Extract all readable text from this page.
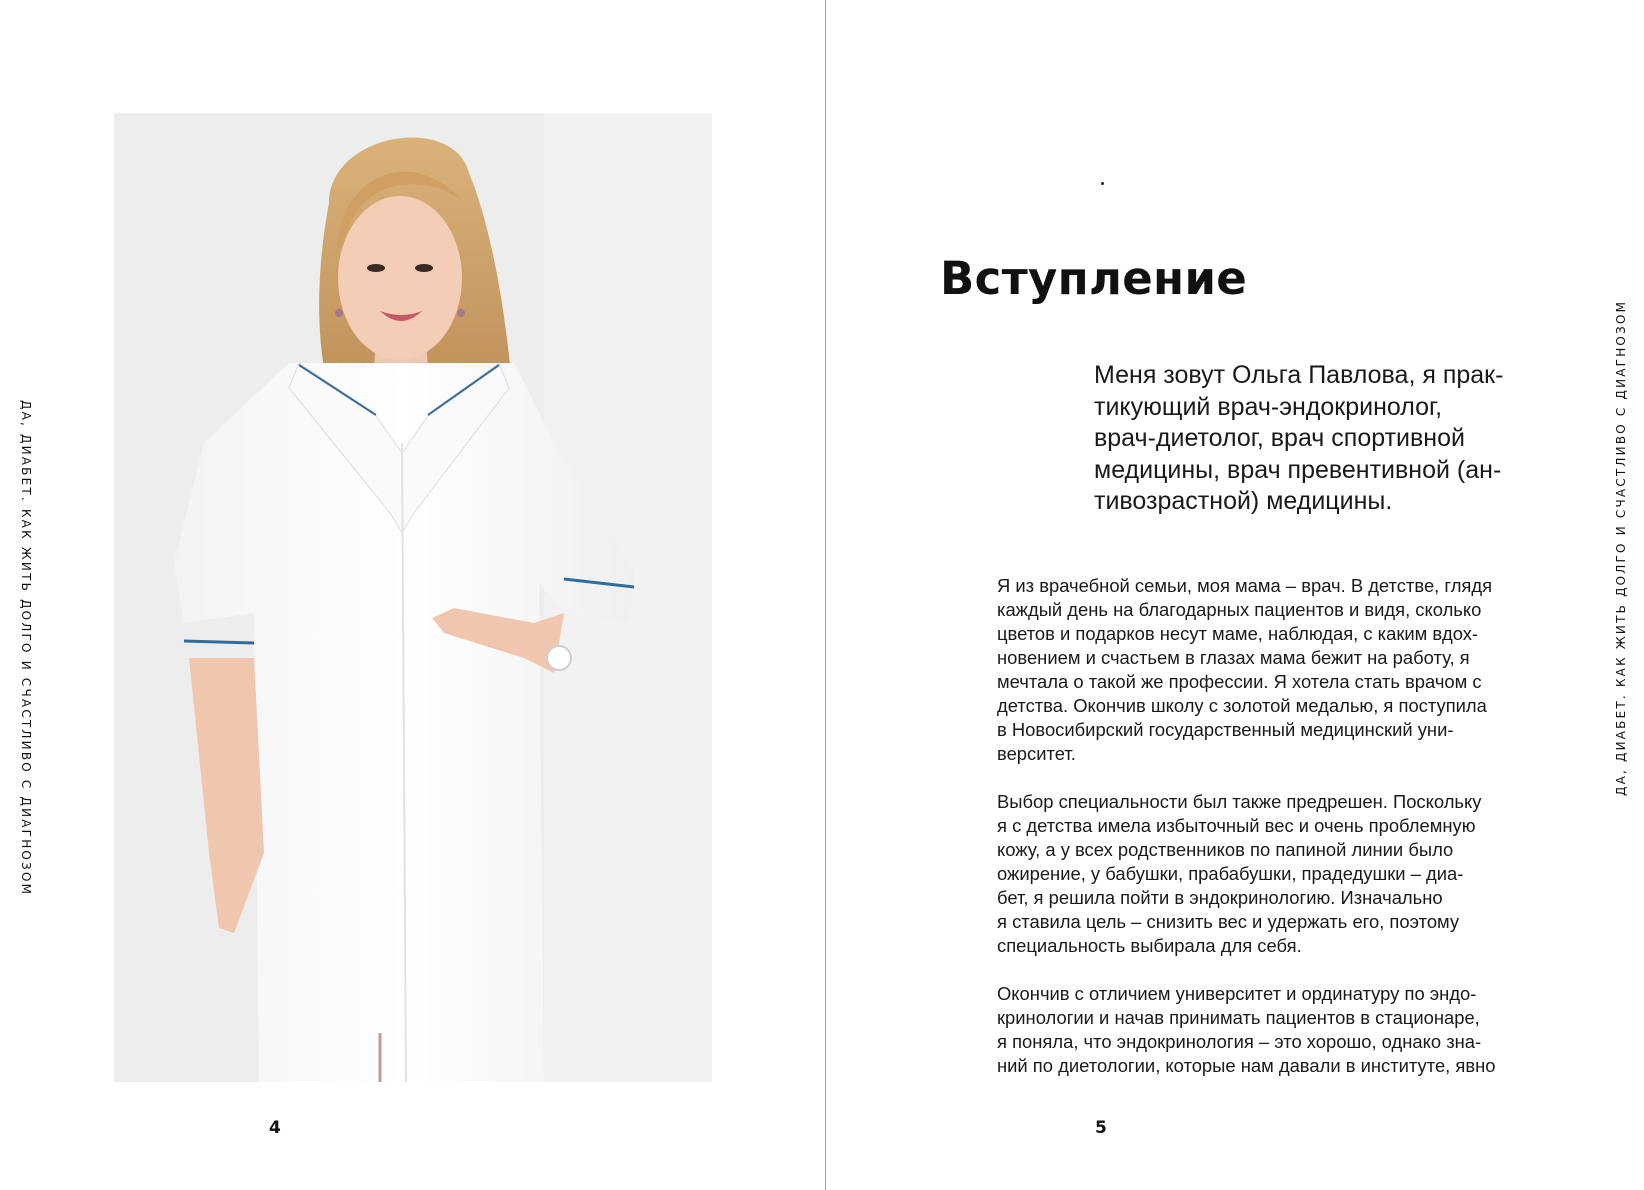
ДА, ДИАБЕТ. КАК ЖИТЬ ДОЛГО И СЧАСТЛИВО С ДИАГНОЗОМ	ДА, ДИАБЕТ. КАК ЖИТЬ ДОЛГО И СЧАСТЛИВО С ДИАГНОЗОМ
4
Вступление

Меня зовут Ольга Павлова, я прак-
тикующий врач-эндокринолог,
врач-диетолог, врач спортивной
медицины, врач превентивной (ан-
тивозрастной) медицины.

Я из врачебной семьи, моя мама – врач. В детстве, глядя
каждый день на благодарных пациентов и видя, сколько
цветов и подарков несут маме, наблюдая, с каким вдох-
новением и счастьем в глазах мама бежит на работу, я
мечтала о такой же профессии. Я хотела стать врачом с
детства. Окончив школу с золотой медалью, я поступила
в Новосибирский государственный медицинский уни-
верситет.

Выбор специальности был также предрешен. Поскольку
я с детства имела избыточный вес и очень проблемную
кожу, а у всех родственников по папиной линии было
ожирение, у бабушки, прабабушки, прадедушки – диа-
бет, я решила пойти в эндокринологию. Изначально
я ставила цель – снизить вес и удержать его, поэтому
специальность выбирала для себя.

Окончив с отличием университет и ординатуру по эндо-
кринологии и начав принимать пациентов в стационаре,
я поняла, что эндокринология – это хорошо, однако зна-
ний по диетологии, которые нам давали в институте, явно

5
